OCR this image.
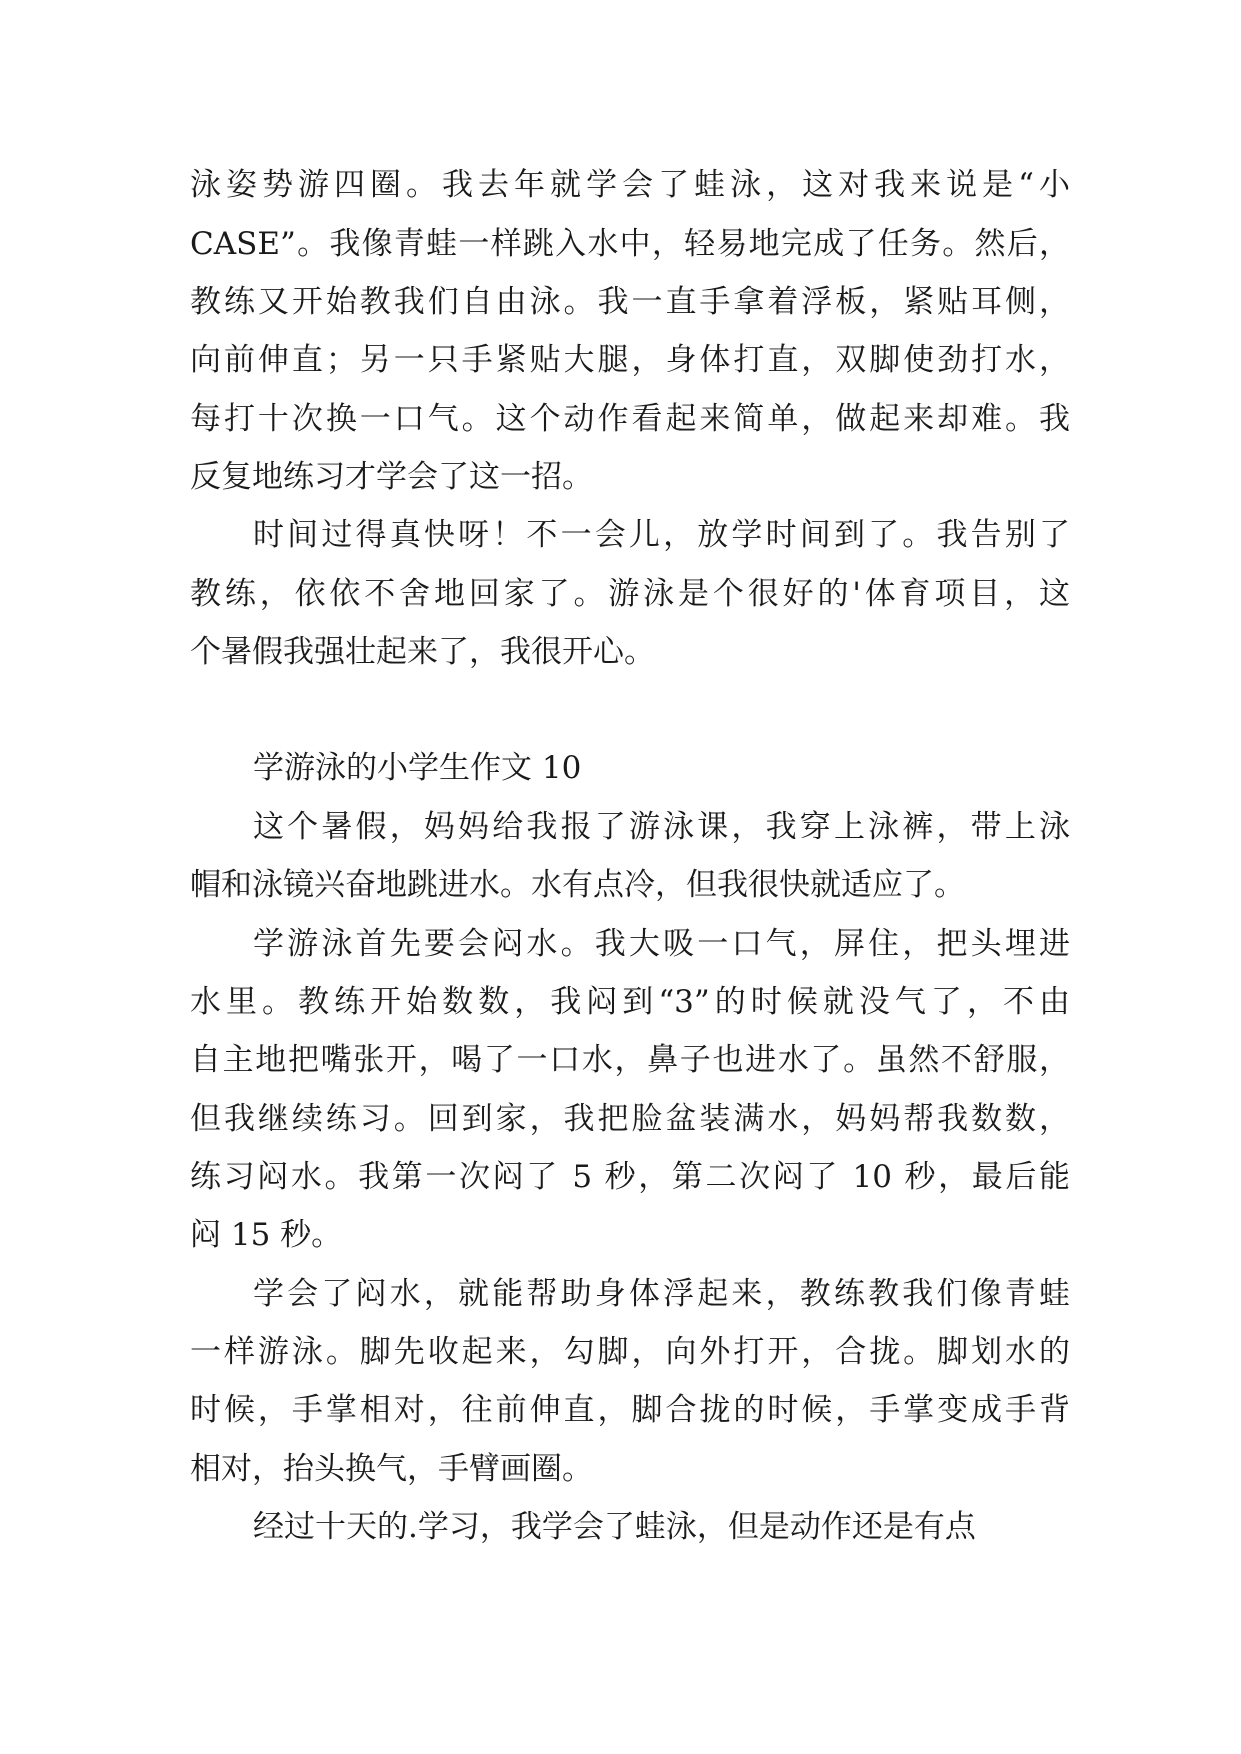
泳姿势游四圈。我去年就学会了蛙泳，这对我来说是“小
CASE”。我像青蛙一样跳入水中，轻易地完成了任务。然后，
教练又开始教我们自由泳。我一直手拿着浮板，紧贴耳侧，
向前伸直；另一只手紧贴大腿，身体打直，双脚使劲打水，
每打十次换一口气。这个动作看起来简单，做起来却难。我
反复地练习才学会了这一招。
时间过得真快呀！不一会儿，放学时间到了。我告别了
教练，依依不舍地回家了。游泳是个很好的'体育项目，这
个暑假我强壮起来了，我很开心。
学游泳的小学生作文 10
这个暑假，妈妈给我报了游泳课，我穿上泳裤，带上泳
帽和泳镜兴奋地跳进水。水有点冷，但我很快就适应了。
学游泳首先要会闷水。我大吸一口气，屏住，把头埋进
水里。教练开始数数，我闷到“3”的时候就没气了，不由
自主地把嘴张开，喝了一口水，鼻子也进水了。虽然不舒服，
但我继续练习。回到家，我把脸盆装满水，妈妈帮我数数，
练习闷水。我第一次闷了 5 秒，第二次闷了 10 秒，最后能
闷 15 秒。
学会了闷水，就能帮助身体浮起来，教练教我们像青蛙
一样游泳。脚先收起来，勾脚，向外打开，合拢。脚划水的
时候，手掌相对，往前伸直，脚合拢的时候，手掌变成手背
相对，抬头换气，手臂画圈。
经过十天的.学习，我学会了蛙泳，但是动作还是有点
